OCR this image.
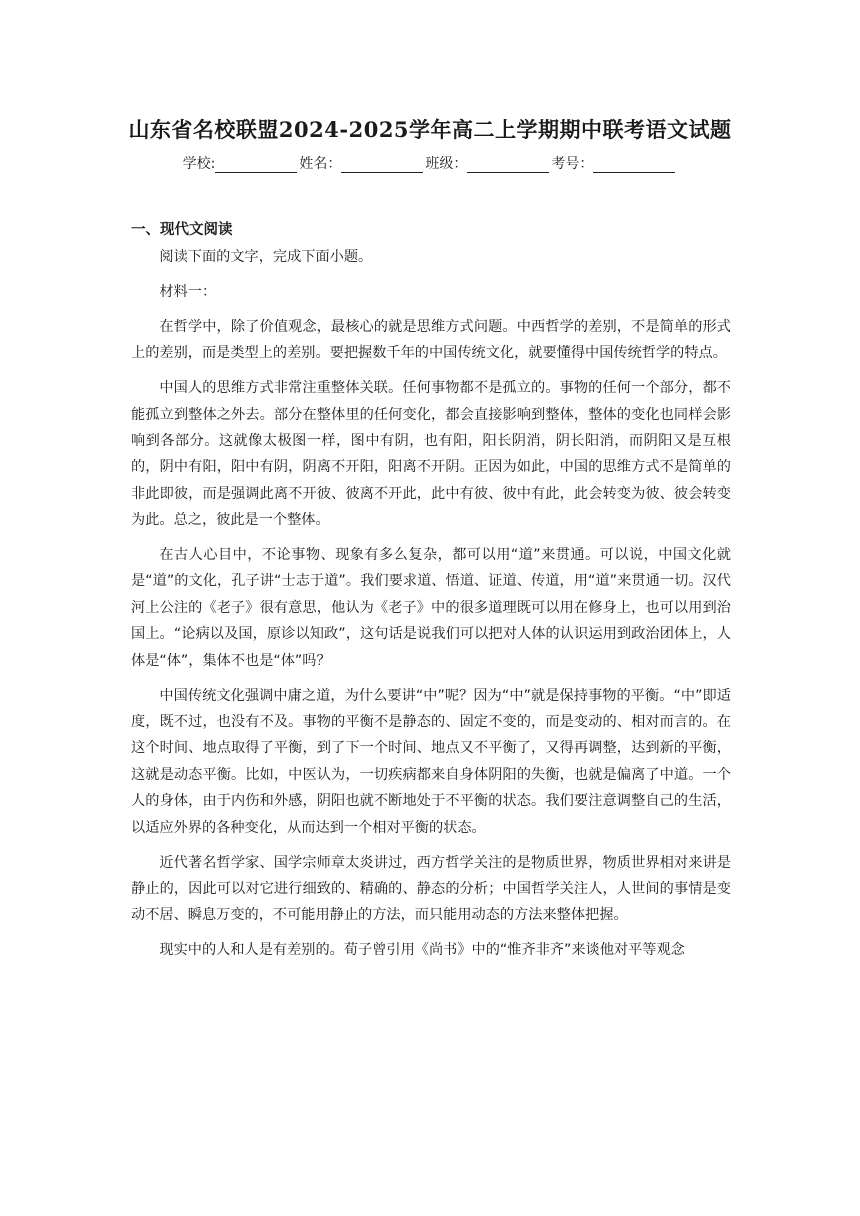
山东省名校联盟2024-2025学年高二上学期期中联考语文试题
学校:	姓名：	班级：	考号：
一、现代文阅读

阅读下面的文字，完成下面小题。

材料一：

在哲学中，除了价值观念，最核心的就是思维方式问题。中西哲学的差别，不是简单的形式上的差别，而是类型上的差别。要把握数千年的中国传统文化，就要懂得中国传统哲学的特点。

中国人的思维方式非常注重整体关联。任何事物都不是孤立的。事物的任何一个部分，都不能孤立到整体之外去。部分在整体里的任何变化，都会直接影响到整体，整体的变化也同样会影响到各部分。这就像太极图一样，图中有阴，也有阳，阳长阴消，阴长阳消，而阴阳又是互根的，阴中有阳，阳中有阴，阴离不开阳，阳离不开阴。正因为如此，中国的思维方式不是简单的非此即彼，而是强调此离不开彼、彼离不开此，此中有彼、彼中有此，此会转变为彼、彼会转变为此。总之，彼此是一个整体。

在古人心目中，不论事物、现象有多么复杂，都可以用“道”来贯通。可以说，中国文化就是“道”的文化，孔子讲“士志于道”。我们要求道、悟道、证道、传道，用“道”来贯通一切。汉代河上公注的《老子》很有意思，他认为《老子》中的很多道理既可以用在修身上，也可以用到治国上。“论病以及国，原诊以知政”，这句话是说我们可以把对人体的认识运用到政治团体上，人体是“体”，集体不也是“体”吗？

中国传统文化强调中庸之道，为什么要讲“中”呢？因为“中”就是保持事物的平衡。“中”即适度，既不过，也没有不及。事物的平衡不是静态的、固定不变的，而是变动的、相对而言的。在这个时间、地点取得了平衡，到了下一个时间、地点又不平衡了，又得再调整，达到新的平衡，这就是动态平衡。比如，中医认为，一切疾病都来自身体阴阳的失衡，也就是偏离了中道。一个人的身体，由于内伤和外感，阴阳也就不断地处于不平衡的状态。我们要注意调整自己的生活，以适应外界的各种变化，从而达到一个相对平衡的状态。

近代著名哲学家、国学宗师章太炎讲过，西方哲学关注的是物质世界，物质世界相对来讲是静止的，因此可以对它进行细致的、精确的、静态的分析；中国哲学关注人，人世间的事情是变动不居、瞬息万变的，不可能用静止的方法，而只能用动态的方法来整体把握。

现实中的人和人是有差别的。荀子曾引用《尚书》中的“惟齐非齐”来谈他对平等观念
